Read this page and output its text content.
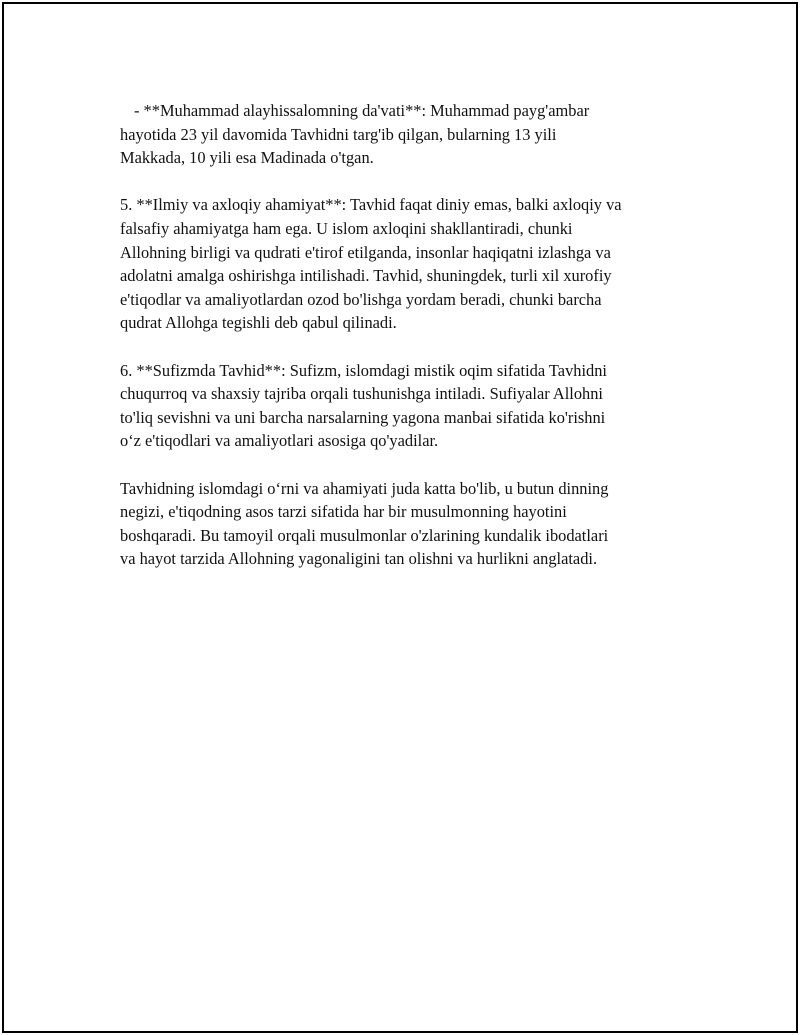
- **Muhammad alayhissalomning da'vati**: Muhammad payg'ambar
hayotida 23 yil davomida Tavhidni targ'ib qilgan, bularning 13 yili
Makkada, 10 yili esa Madinada o'tgan.

5. **Ilmiy va axloqiy ahamiyat**: Tavhid faqat diniy emas, balki axloqiy va
falsafiy ahamiyatga ham ega. U islom axloqini shakllantiradi, chunki
Allohning birligi va qudrati e'tirof etilganda, insonlar haqiqatni izlashga va
adolatni amalga oshirishga intilishadi. Tavhid, shuningdek, turli xil xurofiy
e'tiqodlar va amaliyotlardan ozod bo'lishga yordam beradi, chunki barcha
qudrat Allohga tegishli deb qabul qilinadi.

6. **Sufizmda Tavhid**: Sufizm, islomdagi mistik oqim sifatida Tavhidni
chuqurroq va shaxsiy tajriba orqali tushunishga intiladi. Sufiyalar Allohni
to'liq sevishni va uni barcha narsalarning yagona manbai sifatida ko'rishni
o‘z e'tiqodlari va amaliyotlari asosiga qo'yadilar.

Tavhidning islomdagi o‘rni va ahamiyati juda katta bo'lib, u butun dinning
negizi, e'tiqodning asos tarzi sifatida har bir musulmonning hayotini
boshqaradi. Bu tamoyil orqali musulmonlar o'zlarining kundalik ibodatlari
va hayot tarzida Allohning yagonaligini tan olishni va hurlikni anglatadi.
